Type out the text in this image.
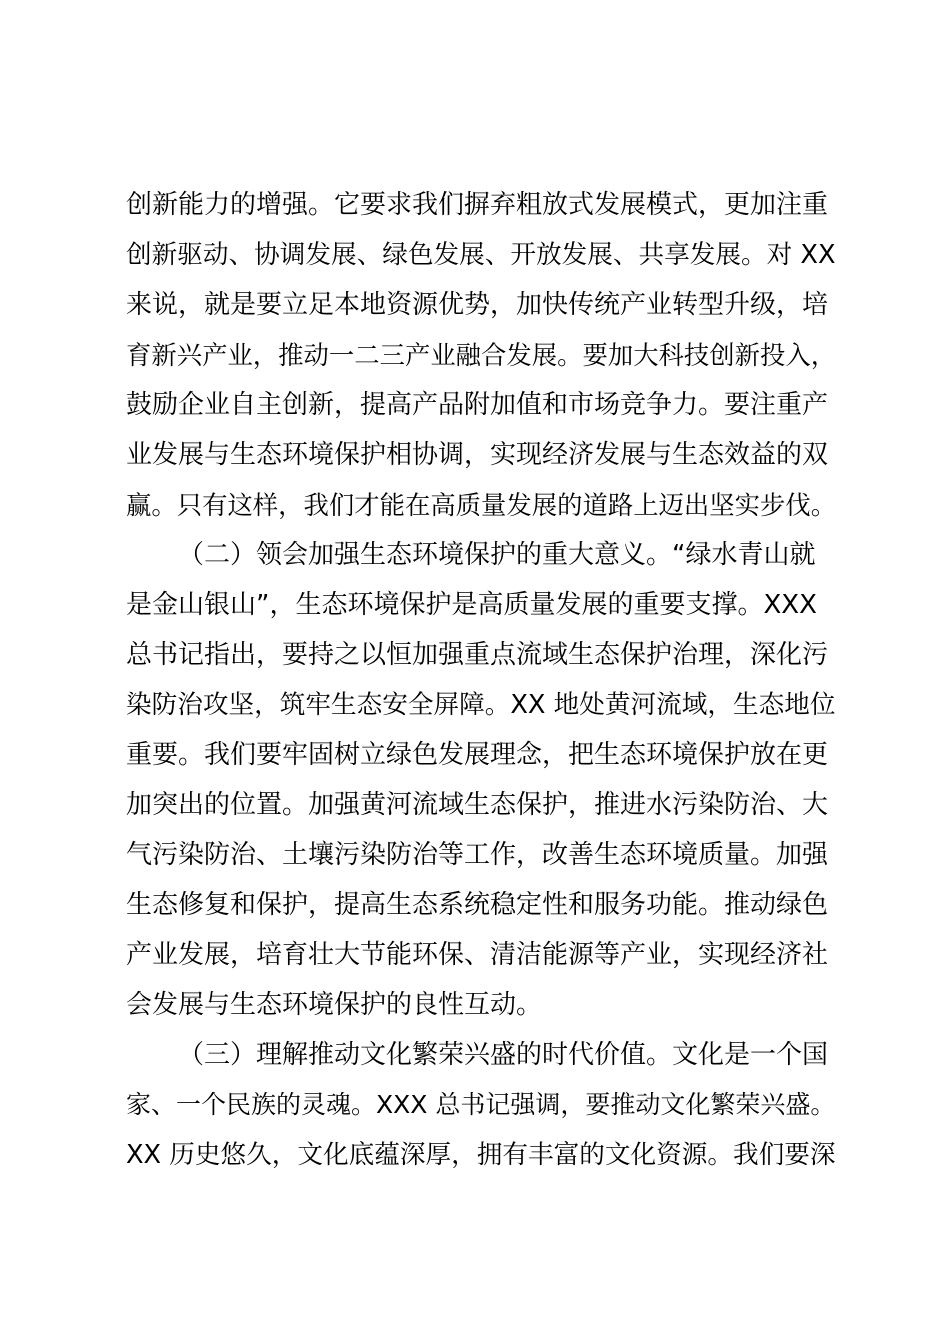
创新能力的增强。它要求我们摒弃粗放式发展模式，更加注重
创新驱动、协调发展、绿色发展、开放发展、共享发展。对 XX
来说，就是要立足本地资源优势，加快传统产业转型升级，培
育新兴产业，推动一二三产业融合发展。要加大科技创新投入，
鼓励企业自主创新，提高产品附加值和市场竞争力。要注重产
业发展与生态环境保护相协调，实现经济发展与生态效益的双
赢。只有这样，我们才能在高质量发展的道路上迈出坚实步伐。
（二）领会加强生态环境保护的重大意义。“绿水青山就
是金山银山”，生态环境保护是高质量发展的重要支撑。XXX
总书记指出，要持之以恒加强重点流域生态保护治理，深化污
染防治攻坚，筑牢生态安全屏障。XX 地处黄河流域，生态地位
重要。我们要牢固树立绿色发展理念，把生态环境保护放在更
加突出的位置。加强黄河流域生态保护，推进水污染防治、大
气污染防治、土壤污染防治等工作，改善生态环境质量。加强
生态修复和保护，提高生态系统稳定性和服务功能。推动绿色
产业发展，培育壮大节能环保、清洁能源等产业，实现经济社
会发展与生态环境保护的良性互动。
（三）理解推动文化繁荣兴盛的时代价值。文化是一个国
家、一个民族的灵魂。XXX 总书记强调，要推动文化繁荣兴盛。
XX 历史悠久，文化底蕴深厚，拥有丰富的文化资源。我们要深
